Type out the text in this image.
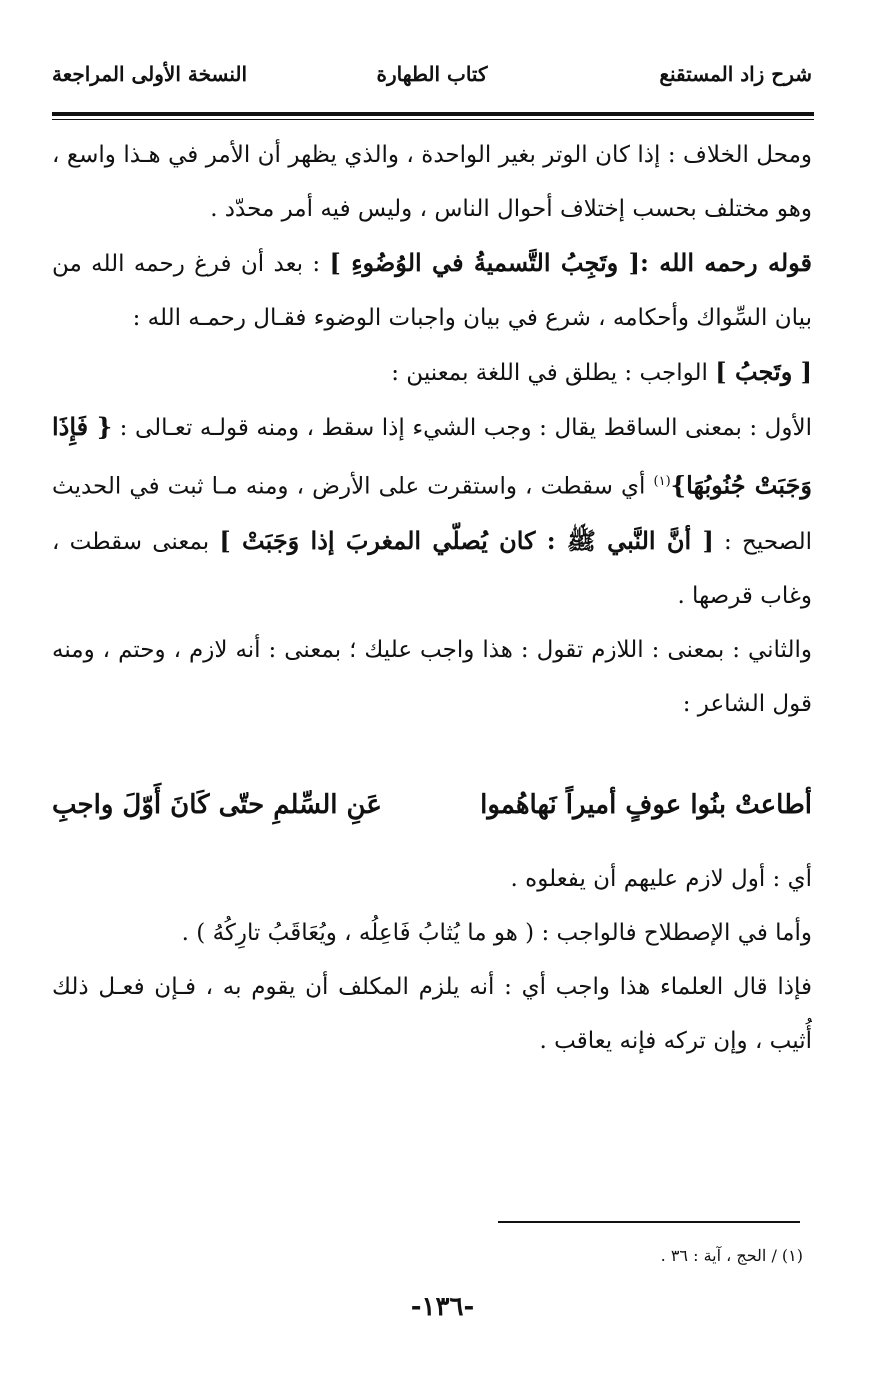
شرح زاد المستقنع
كتاب الطهارة
النسخة الأولى المراجعة

ومحل الخلاف : إذا كان الوتر بغير الواحدة ، والذي يظهر أن الأمر في هـذا واسع ، وهو مختلف بحسب إختلاف أحوال الناس ، وليس فيه أمر محدّد .

قوله رحمه الله :[ وتَجِبُ التَّسميةُ في الوُضُوءِ ] : بعد أن فرغ رحمه الله من بيان السِّواك وأحكامه ، شرع في بيان واجبات الوضوء فقـال رحمـه الله :

[ وتَجبُ ] الواجب : يطلق في اللغة بمعنين :

الأول : بمعنى الساقط يقال : وجب الشيء إذا سقط ، ومنه قولـه تعـالى : { فَإِذَا وَجَبَتْ جُنُوبُهَا}$^{(١)}$ أي سقطت ، واستقرت على الأرض ، ومنه مـا ثبت في الحديث الصحيح : [ أنَّ النَّبي ﷺ : كان يُصلّي المغربَ إذا وَجَبَتْ ] بمعنى سقطت ، وغاب قرصها .

والثاني : بمعنى : اللازم تقول : هذا واجب عليك ؛ بمعنى : أنه لازم ، وحتم ، ومنه قول الشاعر :

أطاعتْ بنُوا عوفٍ أميراً نَهاهُموا
عَنِ السِّلمِ حتّى كَانَ أَوّلَ واجبِ

أي : أول لازم عليهم أن يفعلوه .

وأما في الإصطلاح فالواجب : ( هو ما يُثابُ فَاعِلُه ، ويُعَاقَبُ تارِكُهُ ) .

فإذا قال العلماء هذا واجب أي : أنه يلزم المكلف أن يقوم به ، فـإن فعـل ذلك أُثيب ، وإن تركه فإنه يعاقب .

(١) / الحج ، آية : ٣٦ .
-١٣٦-
